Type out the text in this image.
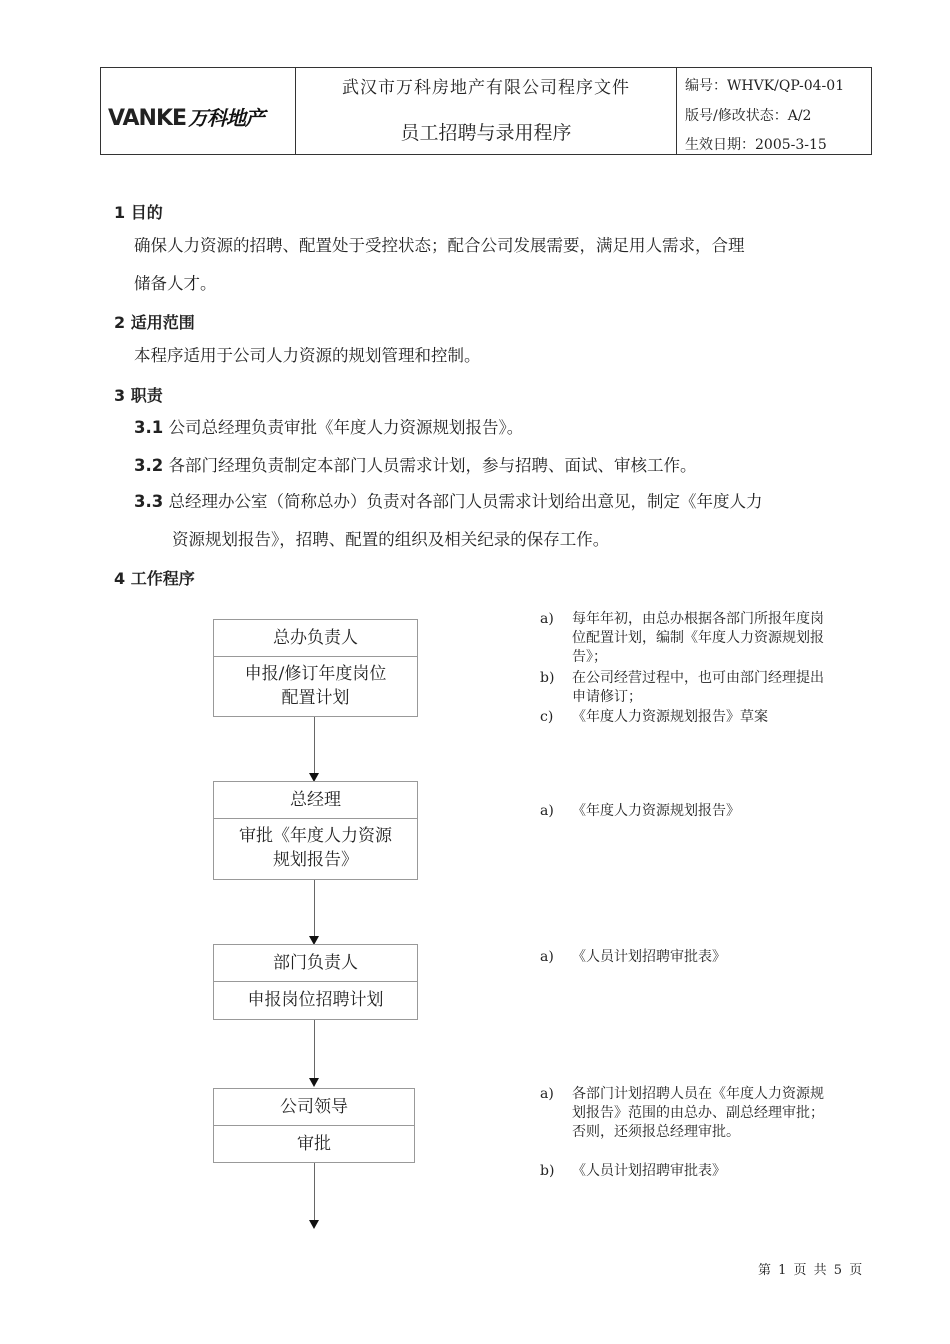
VANKE 万科地产
武汉市万科房地产有限公司程序文件
员工招聘与录用程序
编号：WHVK/QP-04-01
版号/修改状态：A/2
生效日期：2005-3-15
1 目的
确保人力资源的招聘、配置处于受控状态；配合公司发展需要，满足用人需求，合理
储备人才。
2 适用范围
本程序适用于公司人力资源的规划管理和控制。
3 职责
3.1 公司总经理负责审批《年度人力资源规划报告》。
3.2 各部门经理负责制定本部门人员需求计划，参与招聘、面试、审核工作。
3.3 总经理办公室（简称总办）负责对各部门人员需求计划给出意见，制定《年度人力
资源规划报告》，招聘、配置的组织及相关纪录的保存工作。
4 工作程序
总办负责人
申报/修订年度岗位
配置计划
总经理
审批《年度人力资源
规划报告》
部门负责人
申报岗位招聘计划
公司领导
审批
a)	每年年初，由总办根据各部门所报年度岗位配置计划，编制《年度人力资源规划报告》；
b)	在公司经营过程中，也可由部门经理提出申请修订；
c)	《年度人力资源规划报告》草案
a)	《年度人力资源规划报告》
a)	《人员计划招聘审批表》
a)	各部门计划招聘人员在《年度人力资源规划报告》范围的由总办、副总经理审批；否则，还须报总经理审批。
b)	《人员计划招聘审批表》
第 1 页 共 5 页
